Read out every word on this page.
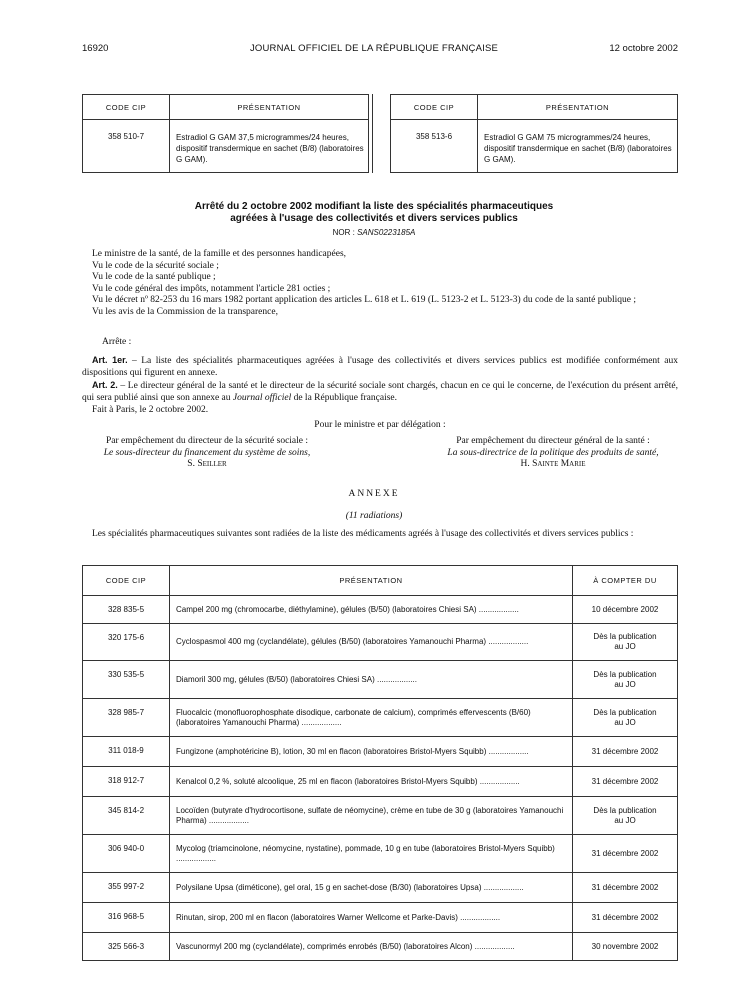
16920	JOURNAL OFFICIEL DE LA RÉPUBLIQUE FRANÇAISE	12 octobre 2002
CODE CIP	PRÉSENTATION
358 510-7	Estradiol G GAM 37,5 microgrammes/24 heures, dispositif transdermique en sachet (B/8) (laboratoires G GAM).
CODE CIP	PRÉSENTATION
358 513-6	Estradiol G GAM 75 microgrammes/24 heures, dispositif transdermique en sachet (B/8) (laboratoires G GAM).
Arrêté du 2 octobre 2002 modifiant la liste des spécialités pharmaceutiques
agréées à l'usage des collectivités et divers services publics
NOR : SANS0223185A

Le ministre de la santé, de la famille et des personnes handicapées,

Vu le code de la sécurité sociale ;

Vu le code de la santé publique ;

Vu le code général des impôts, notamment l'article 281 octies ;

Vu le décret nº 82-253 du 16 mars 1982 portant application des articles L. 618 et L. 619 (L. 5123-2 et L. 5123-3) du code de la santé publique ;

Vu les avis de la Commission de la transparence,

Arrête :

Art. 1er. – La liste des spécialités pharmaceutiques agréées à l'usage des collectivités et divers services publics est modifiée conformément aux dispositions qui figurent en annexe.

Art. 2. – Le directeur général de la santé et le directeur de la sécurité sociale sont chargés, chacun en ce qui le concerne, de l'exécution du présent arrêté, qui sera publié ainsi que son annexe au Journal officiel de la République française.

Fait à Paris, le 2 octobre 2002.

Pour le ministre et par délégation :
Par empêchement du directeur de la sécurité sociale :
Le sous-directeur du financement du système de soins,
S. Seiller
Par empêchement du directeur général de la santé :
La sous-directrice de la politique des produits de santé,
H. Sainte Marie
ANNEXE
(11 radiations)

Les spécialités pharmaceutiques suivantes sont radiées de la liste des médicaments agréés à l'usage des collectivités et divers services publics :

CODE CIP	PRÉSENTATION	À COMPTER DU
328 835-5	Campel 200 mg (chromocarbe, diéthylamine), gélules (B/50) (laboratoires Chiesi SA) ..................	10 décembre 2002

320 175-6	Cyclospasmol 400 mg (cyclandélate), gélules (B/50) (laboratoires Yamanouchi Pharma) ..................	Dès la publication
au JO

330 535-5	Diamoril 300 mg, gélules (B/50) (laboratoires Chiesi SA) ..................	Dès la publication
au JO

328 985-7	Fluocalcic (monofluorophosphate disodique, carbonate de calcium), comprimés effervescents (B/60) (laboratoires Yamanouchi Pharma) ..................	Dès la publication
au JO

311 018-9	Fungizone (amphotéricine B), lotion, 30 ml en flacon (laboratoires Bristol-Myers Squibb) ..................	31 décembre 2002

318 912-7	Kenalcol 0,2 %, soluté alcoolique, 25 ml en flacon (laboratoires Bristol-Myers Squibb) ..................	31 décembre 2002

345 814-2	Locoïden (butyrate d'hydrocortisone, sulfate de néomycine), crème en tube de 30 g (laboratoires Yamanouchi Pharma) ..................	Dès la publication
au JO

306 940-0	Mycolog (triamcinolone, néomycine, nystatine), pommade, 10 g en tube (laboratoires Bristol-Myers Squibb) ..................	31 décembre 2002

355 997-2	Polysilane Upsa (diméticone), gel oral, 15 g en sachet-dose (B/30) (laboratoires Upsa) ..................	31 décembre 2002

316 968-5	Rinutan, sirop, 200 ml en flacon (laboratoires Warner Wellcome et Parke-Davis) ..................	31 décembre 2002

325 566-3	Vascunormyl 200 mg (cyclandélate), comprimés enrobés (B/50) (laboratoires Alcon) ..................	30 novembre 2002
